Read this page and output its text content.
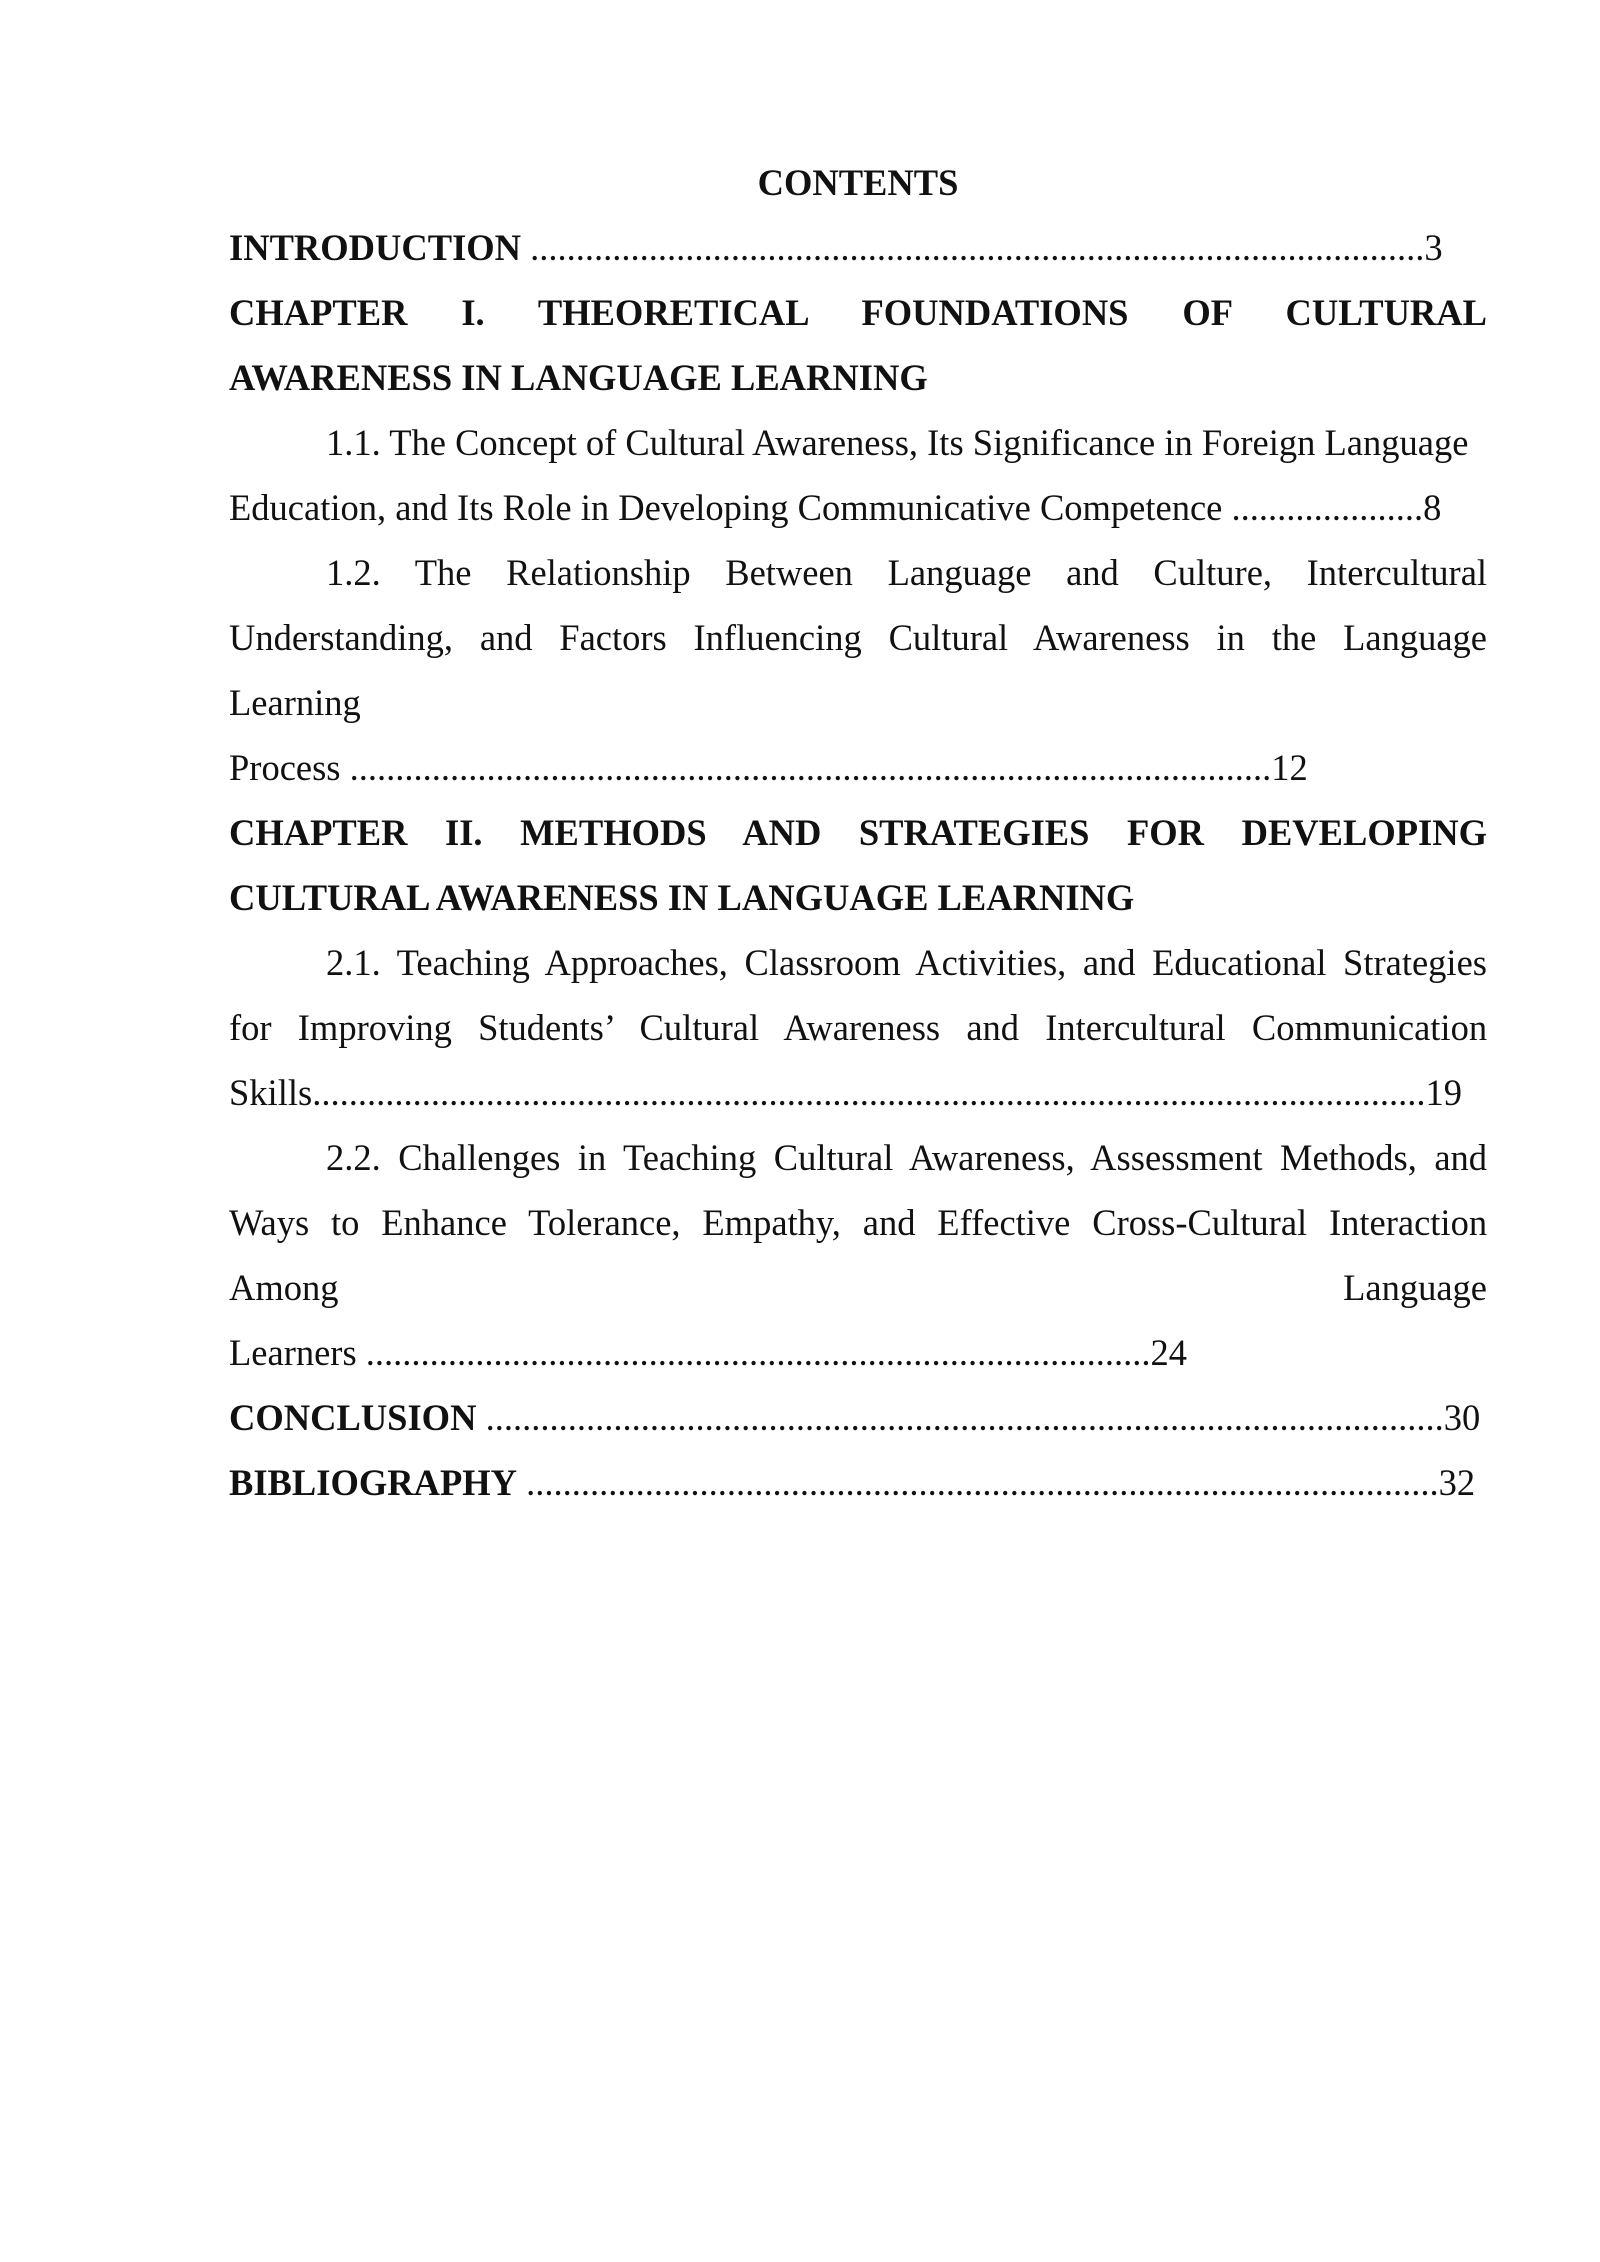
CONTENTS
INTRODUCTION ..................................................................................................3
CHAPTER I. THEORETICAL FOUNDATIONS OF CULTURAL
AWARENESS IN LANGUAGE LEARNING
1.1. The Concept of Cultural Awareness, Its Significance in Foreign Language
Education, and Its Role in Developing Communicative Competence .....................8
1.2. The Relationship Between Language and Culture, Intercultural
Understanding, and Factors Influencing Cultural Awareness in the Language
Learning
Process .....................................................................................................12
CHAPTER II. METHODS AND STRATEGIES FOR DEVELOPING
CULTURAL AWARENESS IN LANGUAGE LEARNING
2.1. Teaching Approaches, Classroom Activities, and Educational Strategies
for Improving Students’ Cultural Awareness and Intercultural Communication
Skills..........................................................................................................................19
2.2. Challenges in Teaching Cultural Awareness, Assessment Methods, and
Ways to Enhance Tolerance, Empathy, and Effective Cross-Cultural Interaction
Among	Language
Learners ......................................................................................24
CONCLUSION .........................................................................................................30
BIBLIOGRAPHY ....................................................................................................32
